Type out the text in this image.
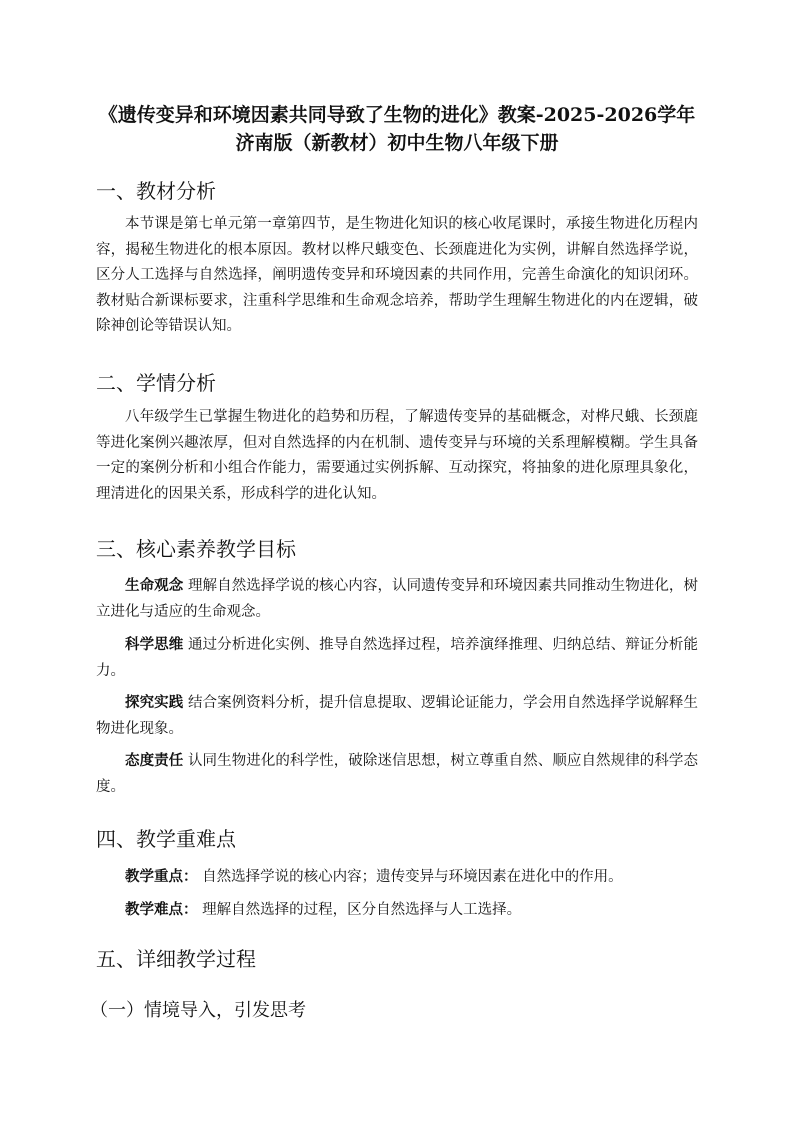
《遗传变异和环境因素共同导致了生物的进化》教案-2025-2026学年
济南版（新教材）初中生物八年级下册
一、教材分析
本节课是第七单元第一章第四节，是生物进化知识的核心收尾课时，承接生物进化历程内容，揭秘生物进化的根本原因。教材以桦尺蛾变色、长颈鹿进化为实例，讲解自然选择学说，区分人工选择与自然选择，阐明遗传变异和环境因素的共同作用，完善生命演化的知识闭环。教材贴合新课标要求，注重科学思维和生命观念培养，帮助学生理解生物进化的内在逻辑，破除神创论等错误认知。
二、学情分析
八年级学生已掌握生物进化的趋势和历程，了解遗传变异的基础概念，对桦尺蛾、长颈鹿等进化案例兴趣浓厚，但对自然选择的内在机制、遗传变异与环境的关系理解模糊。学生具备一定的案例分析和小组合作能力，需要通过实例拆解、互动探究，将抽象的进化原理具象化，理清进化的因果关系，形成科学的进化认知。
三、核心素养教学目标
生命观念 理解自然选择学说的核心内容，认同遗传变异和环境因素共同推动生物进化，树立进化与适应的生命观念。
科学思维 通过分析进化实例、推导自然选择过程，培养演绎推理、归纳总结、辩证分析能力。
探究实践 结合案例资料分析，提升信息提取、逻辑论证能力，学会用自然选择学说解释生物进化现象。
态度责任 认同生物进化的科学性，破除迷信思想，树立尊重自然、顺应自然规律的科学态度。
四、教学重难点
教学重点： 自然选择学说的核心内容；遗传变异与环境因素在进化中的作用。
教学难点： 理解自然选择的过程，区分自然选择与人工选择。
五、详细教学过程
（一）情境导入，引发思考
